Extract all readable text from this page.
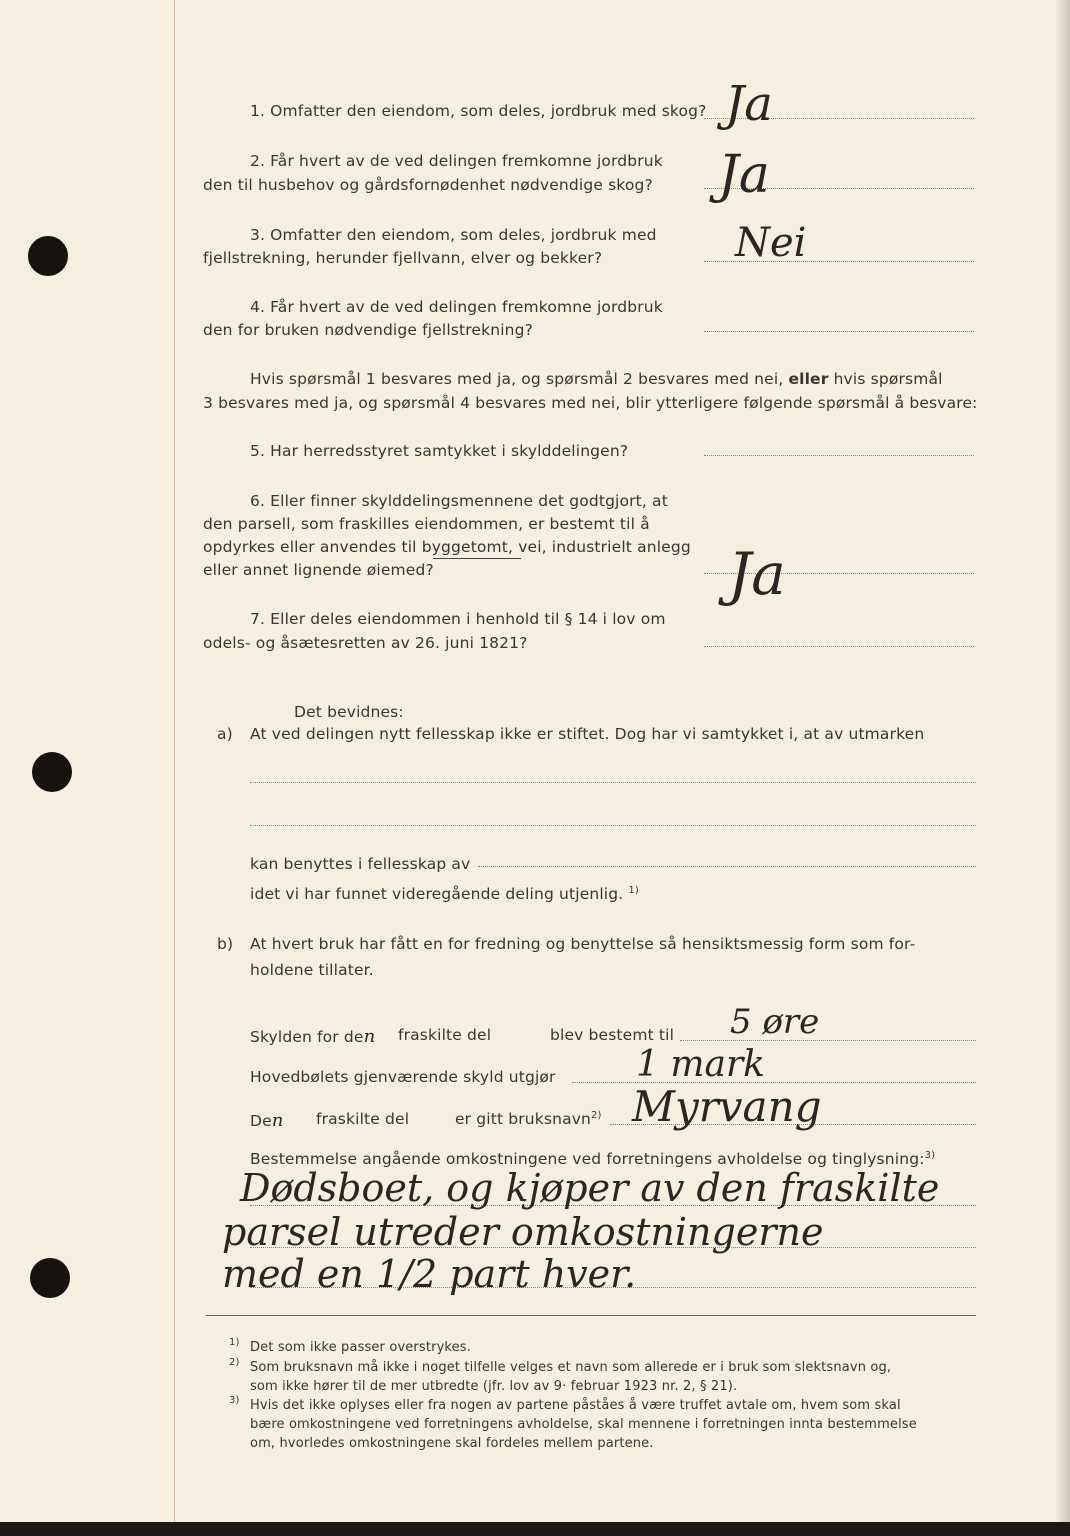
1. Omfatter den eiendom, som deles, jordbruk med skog? Ja
2. Får hvert av de ved delingen fremkomne jordbruk
den til husbehov og gårdsfornødenhet nødvendige skog? Ja
3. Omfatter den eiendom, som deles, jordbruk med
fjellstrekning, herunder fjellvann, elver og bekker?	Nei
4. Får hvert av de ved delingen fremkomne jordbruk
den for bruken nødvendige fjellstrekning?
Hvis spørsmål 1 besvares med ja, og spørsmål 2 besvares med nei, eller hvis spørsmål
3 besvares med ja, og spørsmål 4 besvares med nei, blir ytterligere følgende spørsmål å besvare:
5. Har herredsstyret samtykket i skylddelingen?
6. Eller finner skylddelingsmennene det godtgjort, at
den parsell, som fraskilles eiendommen, er bestemt til å
opdyrkes eller anvendes til byggetomt, vei, industrielt anlegg
eller annet lignende øiemed?	Ja
7. Eller deles eiendommen i henhold til § 14 i lov om
odels- og åsætesretten av 26. juni 1821?
Det bevidnes:
a) At ved delingen nytt fellesskap ikke er stiftet. Dog har vi samtykket i, at av utmarken
kan benyttes i fellesskap av
idet vi har funnet videregående deling utjenlig. $^{1)}$
b) At hvert bruk har fått en for fredning og benyttelse så hensiktsmessig form som for-
holdene tillater.
Skylden for den fraskilte del	blev bestemt til 5 øre
Hovedbølets gjenværende skyld utgjør 1 mark
Den fraskilte del	er gitt bruksnavn$^{2)}$ Myrvang
Bestemmelse angående omkostningene ved forretningens avholdelse og tinglysning:$^{3)}$
Dødsboet, og kjøper av den fraskilte
parsel utreder omkostningerne
med en 1/2 part hver.
1) Det som ikke passer overstrykes.
2) Som bruksnavn må ikke i noget tilfelle velges et navn som allerede er i bruk som slektsnavn og,
som ikke hører til de mer utbredte (jfr. lov av 9· februar 1923 nr. 2, § 21).
3) Hvis det ikke oplyses eller fra nogen av partene påståes å være truffet avtale om, hvem som skal
bære omkostningene ved forretningens avholdelse, skal mennene i forretningen innta bestemmelse
om, hvorledes omkostningene skal fordeles mellem partene.
